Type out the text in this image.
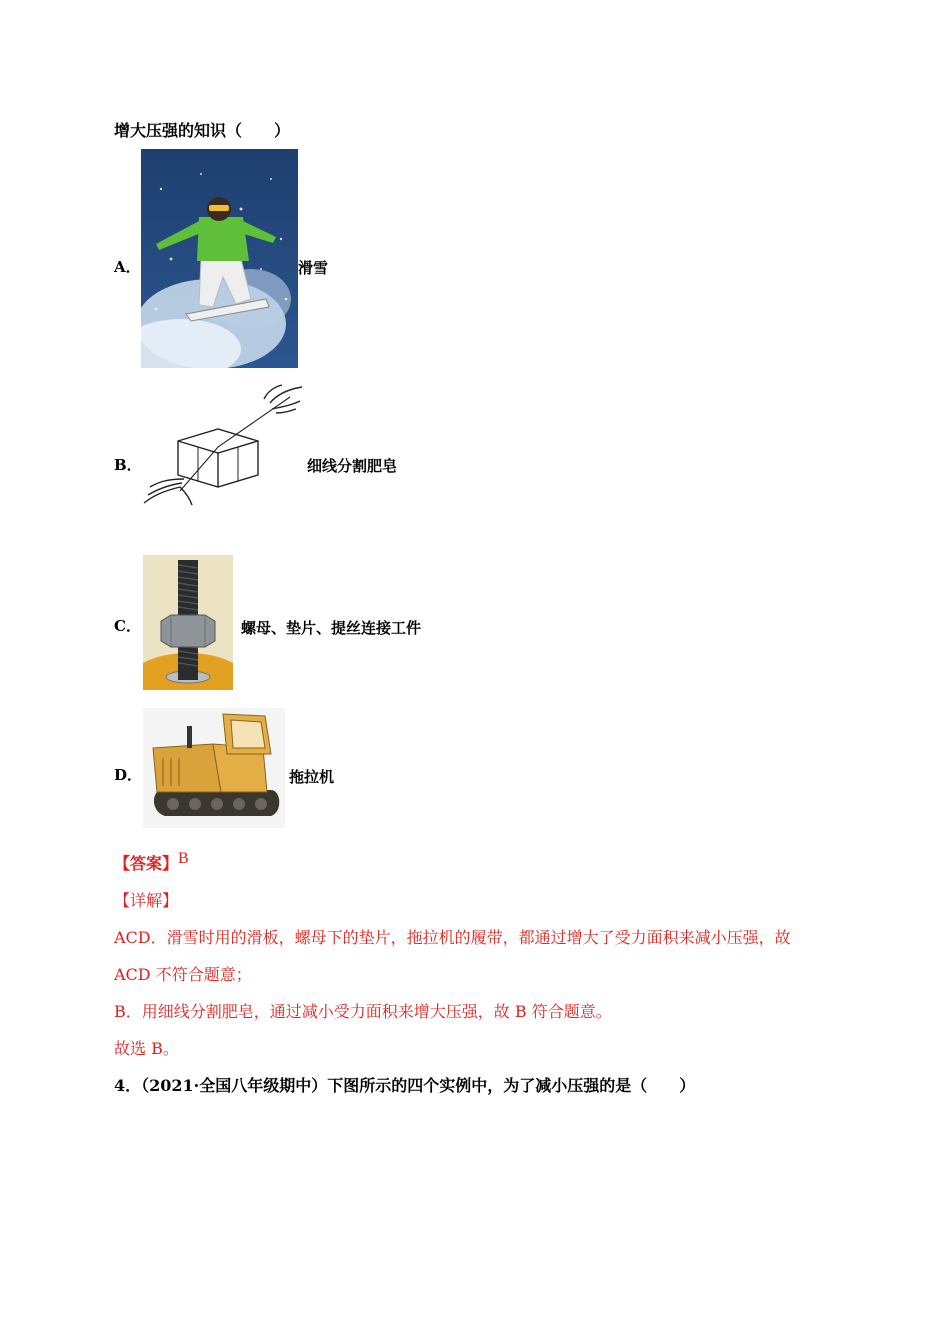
增大压强的知识（　　）
A．	滑雪
B．	细线分割肥皂
C．	螺母、垫片、提丝连接工件
D．	拖拉机
【答案】 B
【详解】
ACD．滑雪时用的滑板，螺母下的垫片，拖拉机的履带，都通过增大了受力面积来减小压强，故
ACD 不符合题意；
B．用细线分割肥皂，通过减小受力面积来增大压强，故 B 符合题意。
故选 B。
4．（2021·全国八年级期中）下图所示的四个实例中，为了减小压强的是（　　）
